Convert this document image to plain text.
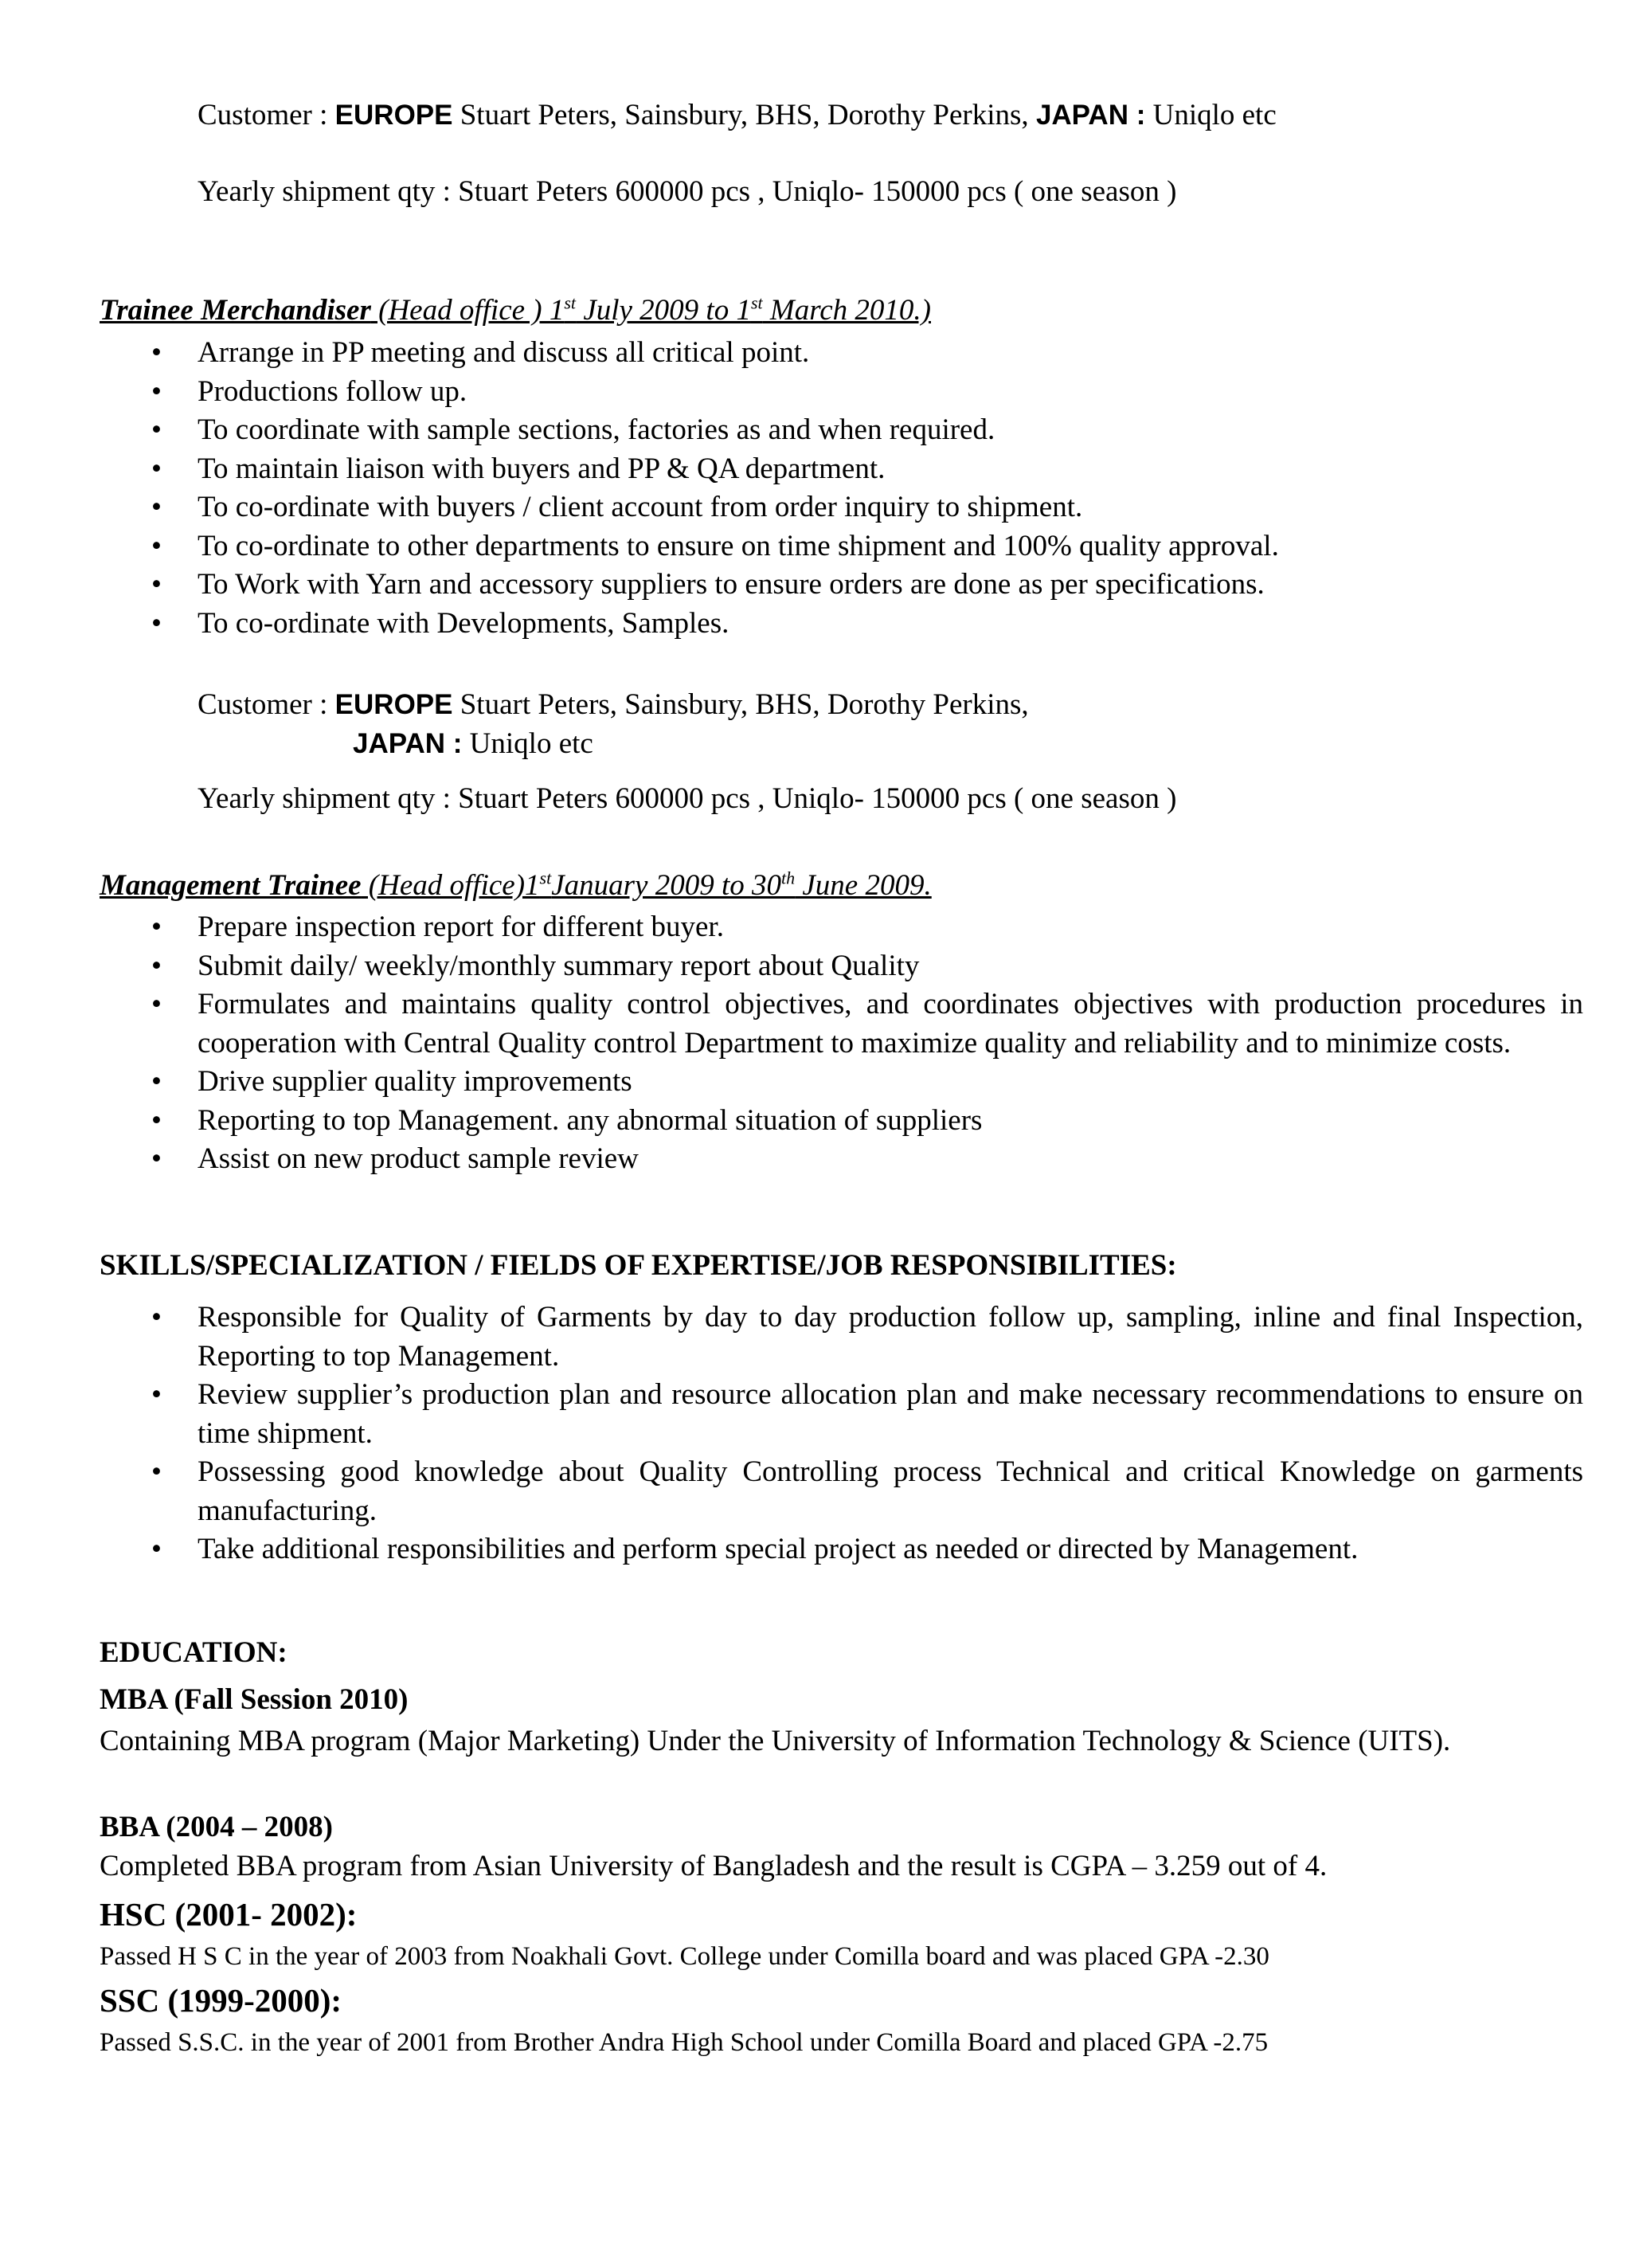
Customer : EUROPE Stuart Peters, Sainsbury, BHS, Dorothy Perkins, JAPAN : Uniqlo etc
Yearly shipment qty : Stuart Peters 600000 pcs , Uniqlo- 150000 pcs ( one season )
Trainee Merchandiser (Head office ) 1st July 2009 to 1st March 2010.)
• Arrange in PP meeting and discuss all critical point.
• Productions follow up.
• To coordinate with sample sections, factories as and when required.
• To maintain liaison with buyers and PP & QA department.
• To co-ordinate with buyers / client account from order inquiry to shipment.
• To co-ordinate to other departments to ensure on time shipment and 100% quality approval.
• To Work with Yarn and accessory suppliers to ensure orders are done as per specifications.
• To co-ordinate with Developments, Samples.
Customer : EUROPE Stuart Peters, Sainsbury, BHS, Dorothy Perkins,
JAPAN : Uniqlo etc
Yearly shipment qty : Stuart Peters 600000 pcs , Uniqlo- 150000 pcs ( one season )
Management Trainee (Head office)1stJanuary 2009 to 30th June 2009.
• Prepare inspection report for different buyer.
• Submit daily/ weekly/monthly summary report about Quality
• Formulates and maintains quality control objectives, and coordinates objectives with production procedures in cooperation with Central Quality control Department to maximize quality and reliability and to minimize costs.
• Drive supplier quality improvements
• Reporting to top Management. any abnormal situation of suppliers
• Assist on new product sample review
SKILLS/SPECIALIZATION / FIELDS OF EXPERTISE/JOB RESPONSIBILITIES:
• Responsible for Quality of Garments by day to day production follow up, sampling, inline and final Inspection, Reporting to top Management.
• Review supplier’s production plan and resource allocation plan and make necessary recommendations to ensure on time shipment.
• Possessing good knowledge about Quality Controlling process Technical and critical Knowledge on garments manufacturing.
• Take additional responsibilities and perform special project as needed or directed by Management.
EDUCATION:
MBA (Fall Session 2010)
Containing MBA program (Major Marketing) Under the University of Information Technology & Science (UITS).
BBA (2004 – 2008)
Completed BBA program from Asian University of Bangladesh and the result is CGPA – 3.259 out of 4.
HSC (2001- 2002):
Passed H S C in the year of 2003 from Noakhali Govt. College under Comilla board and was placed GPA -2.30
SSC (1999-2000):
Passed S.S.C. in the year of 2001 from Brother Andra High School under Comilla Board and placed GPA -2.75
